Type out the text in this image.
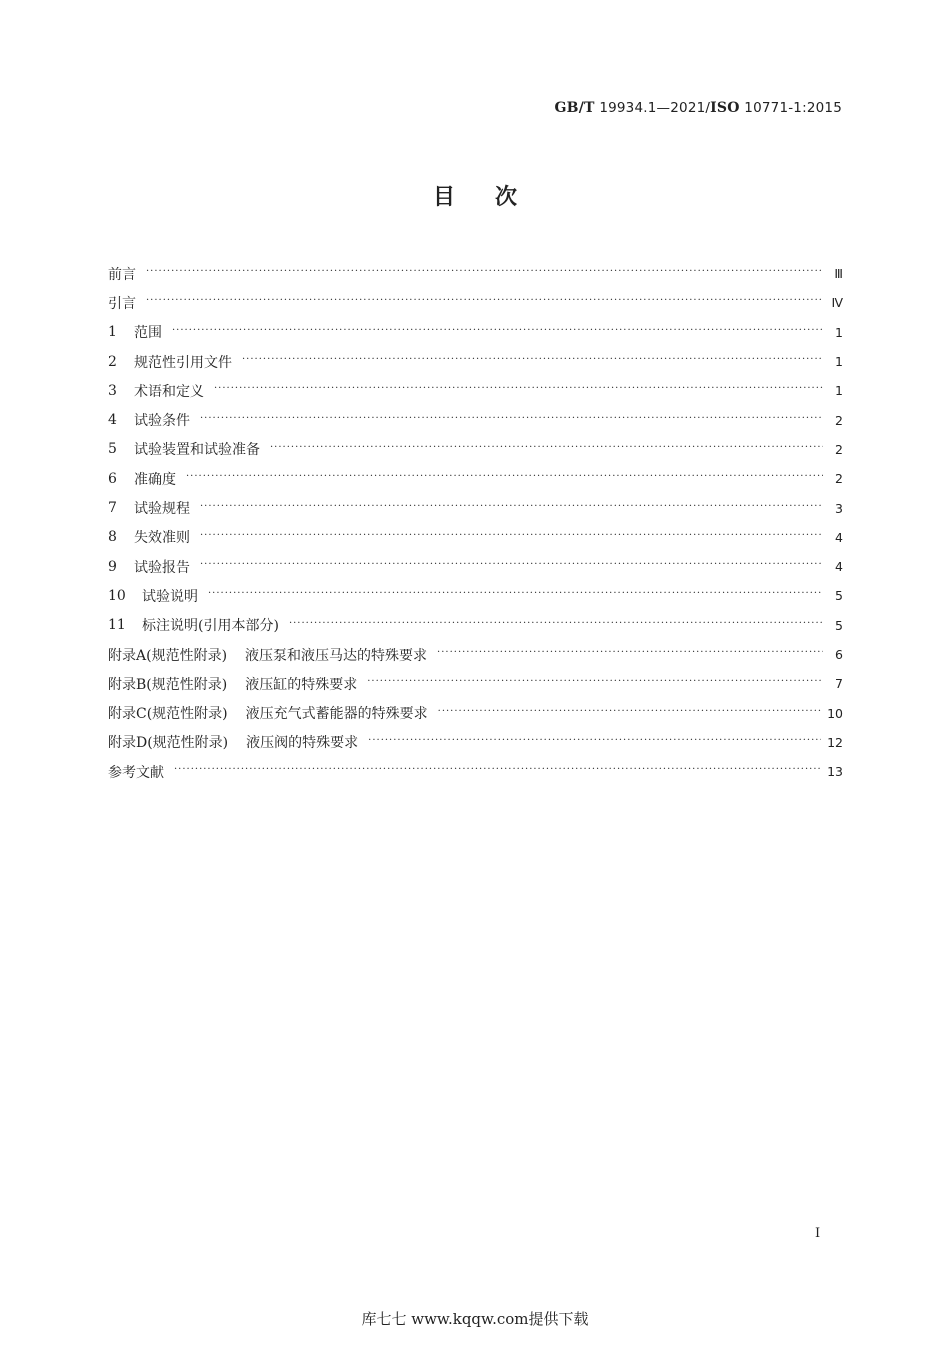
GB/T 19934.1—2021/ISO 10771-1:2015
目次
前言 ·····	Ⅲ
引言 ·····	Ⅳ
1	范围 ·····	1
2	规范性引用文件 ·····	1
3	术语和定义 ·····	1
4	试验条件 ·····	2
5	试验装置和试验准备 ·····	2
6	准确度 ·····	2
7	试验规程 ·····	3
8	失效准则 ·····	4
9	试验报告 ·····	4
10	试验说明 ·····	5
11	标注说明(引用本部分) ·····	5
附录A(规范性附录) 液压泵和液压马达的特殊要求 ·····	6
附录B(规范性附录) 液压缸的特殊要求 ·····	7
附录C(规范性附录) 液压充气式蓄能器的特殊要求 ·····	10
附录D(规范性附录) 液压阀的特殊要求 ·····	12
参考文献 ·····	13
I
库七七 www.kqqw.com提供下载
